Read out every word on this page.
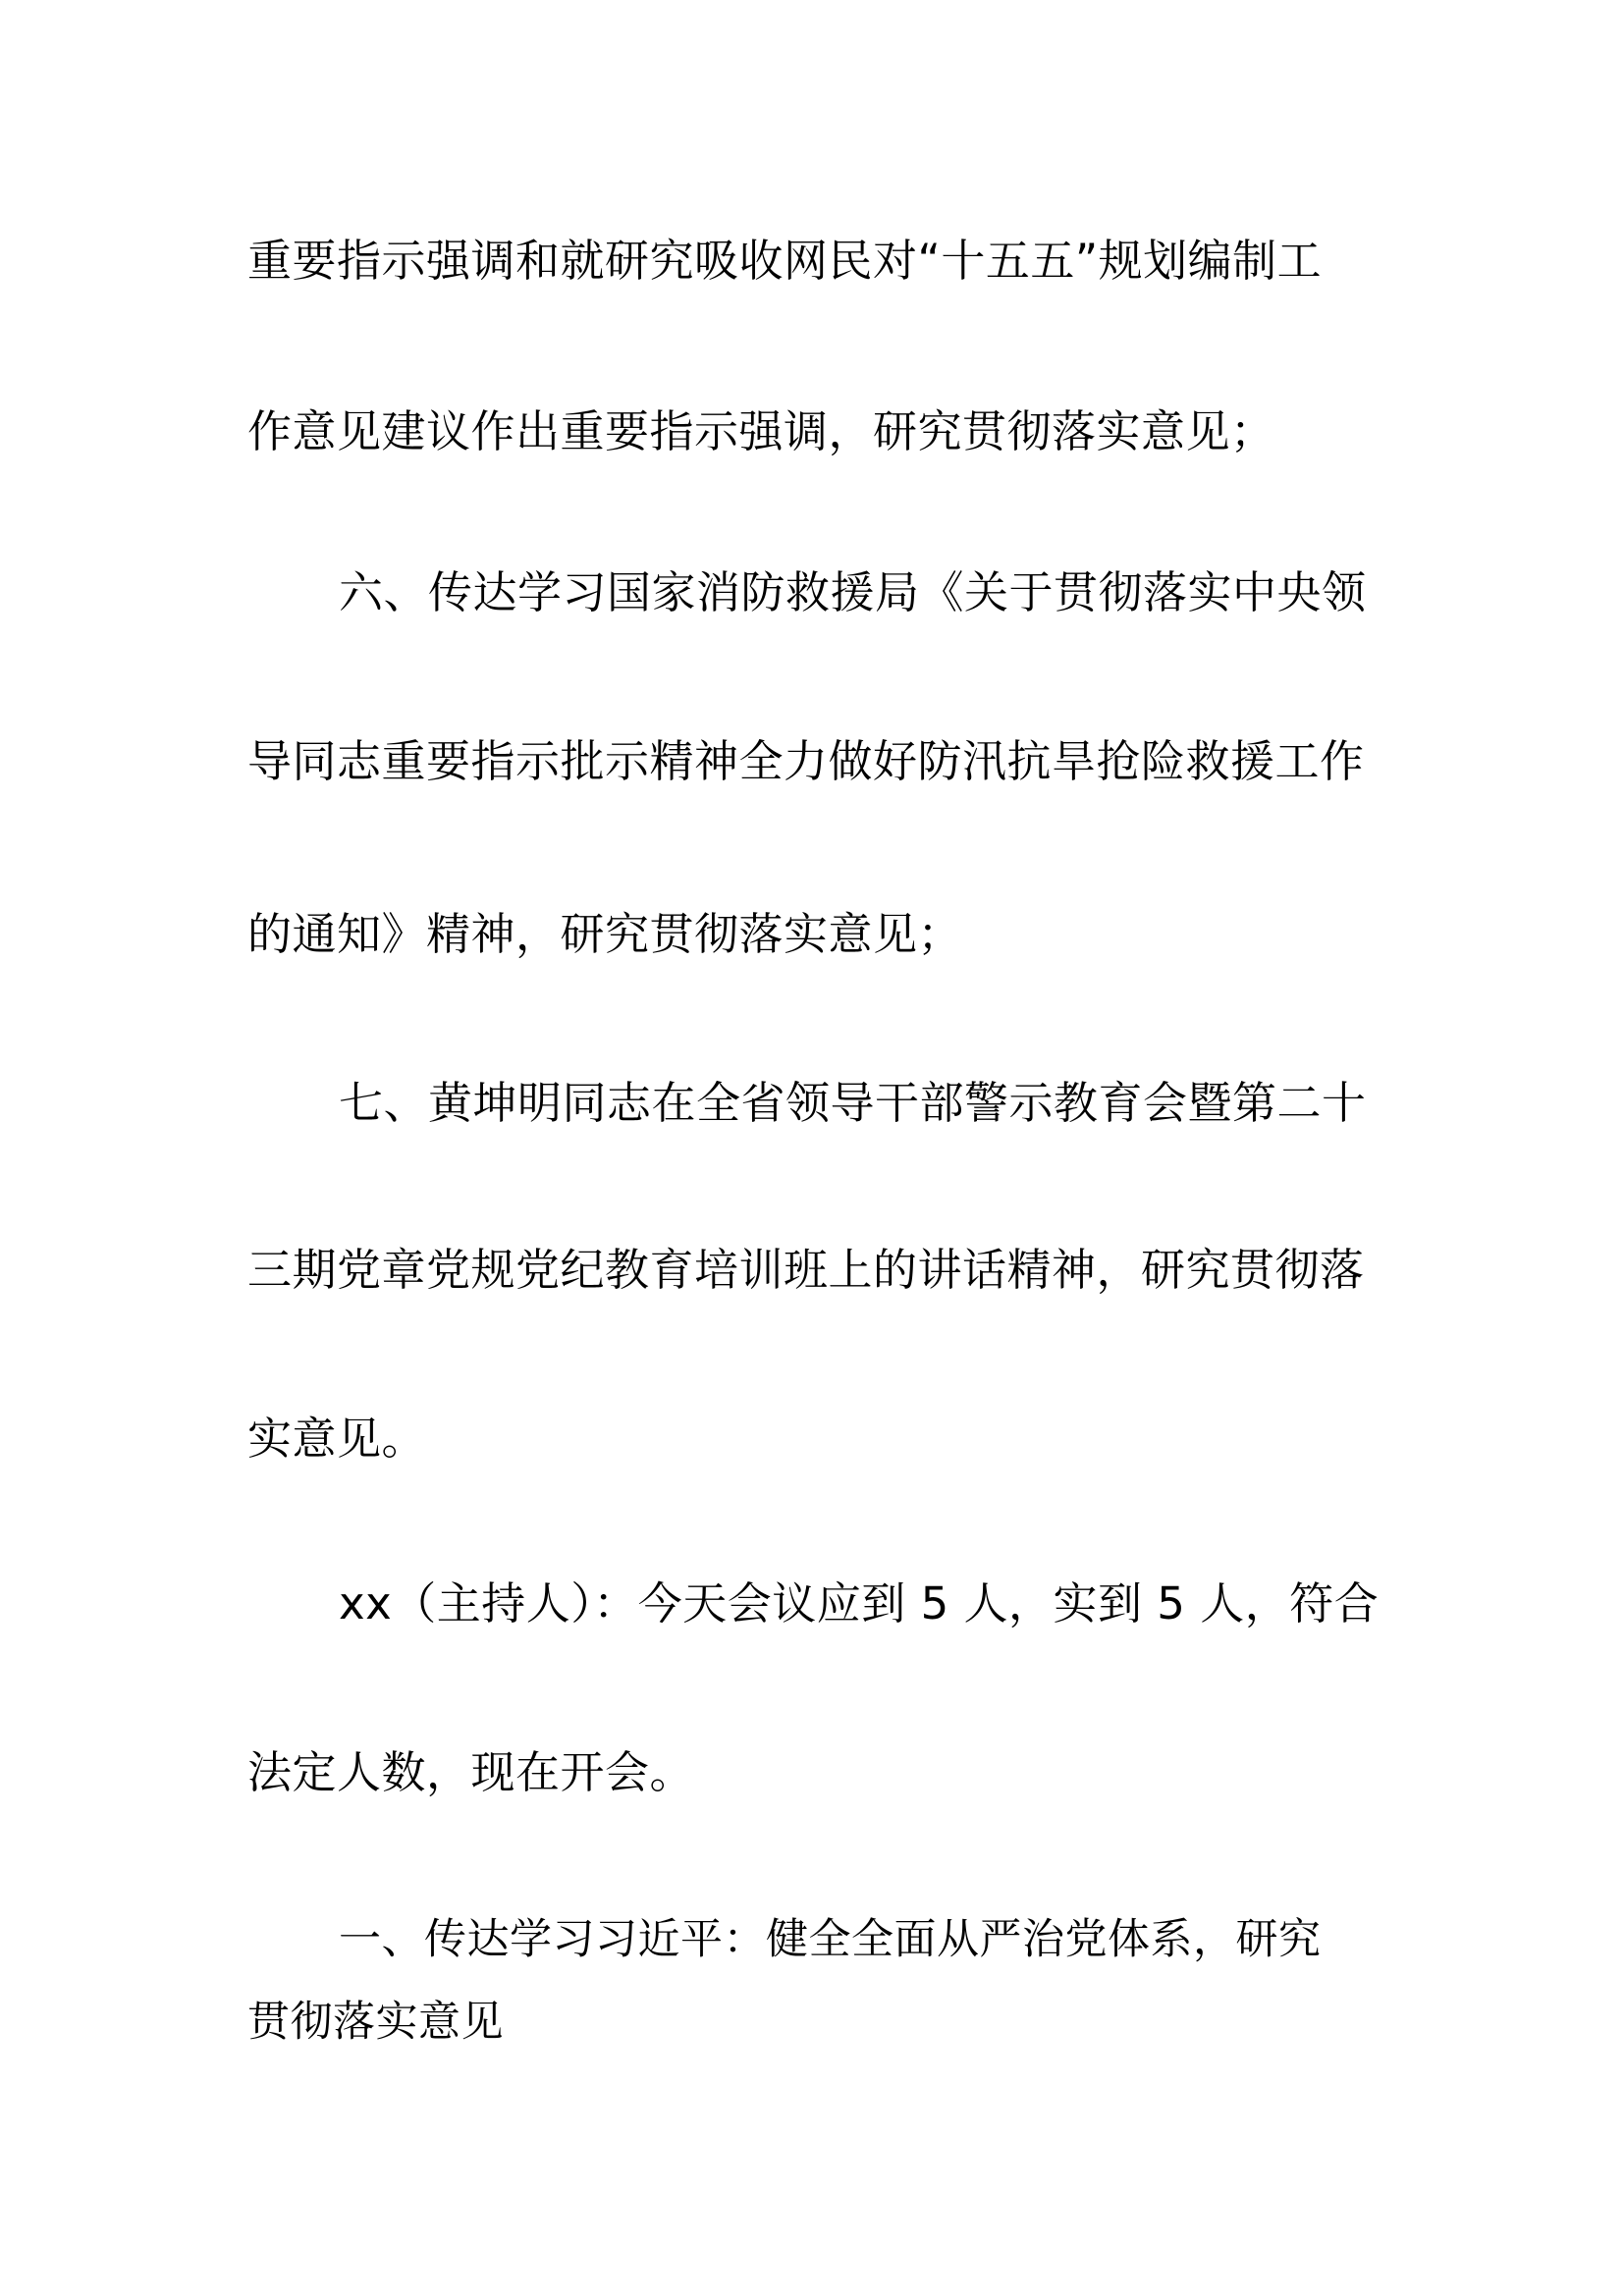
重要指示强调和就研究吸收网民对“十五五”规划编制工
作意见建议作出重要指示强调，研究贯彻落实意见；
六、传达学习国家消防救援局《关于贯彻落实中央领
导同志重要指示批示精神全力做好防汛抗旱抢险救援工作
的通知》精神，研究贯彻落实意见；
七、黄坤明同志在全省领导干部警示教育会暨第二十
三期党章党规党纪教育培训班上的讲话精神，研究贯彻落
实意见。
xx（主持人）：今天会议应到 5 人，实到 5 人，符合
法定人数，现在开会。
一、传达学习习近平：健全全面从严治党体系，研究
贯彻落实意见
